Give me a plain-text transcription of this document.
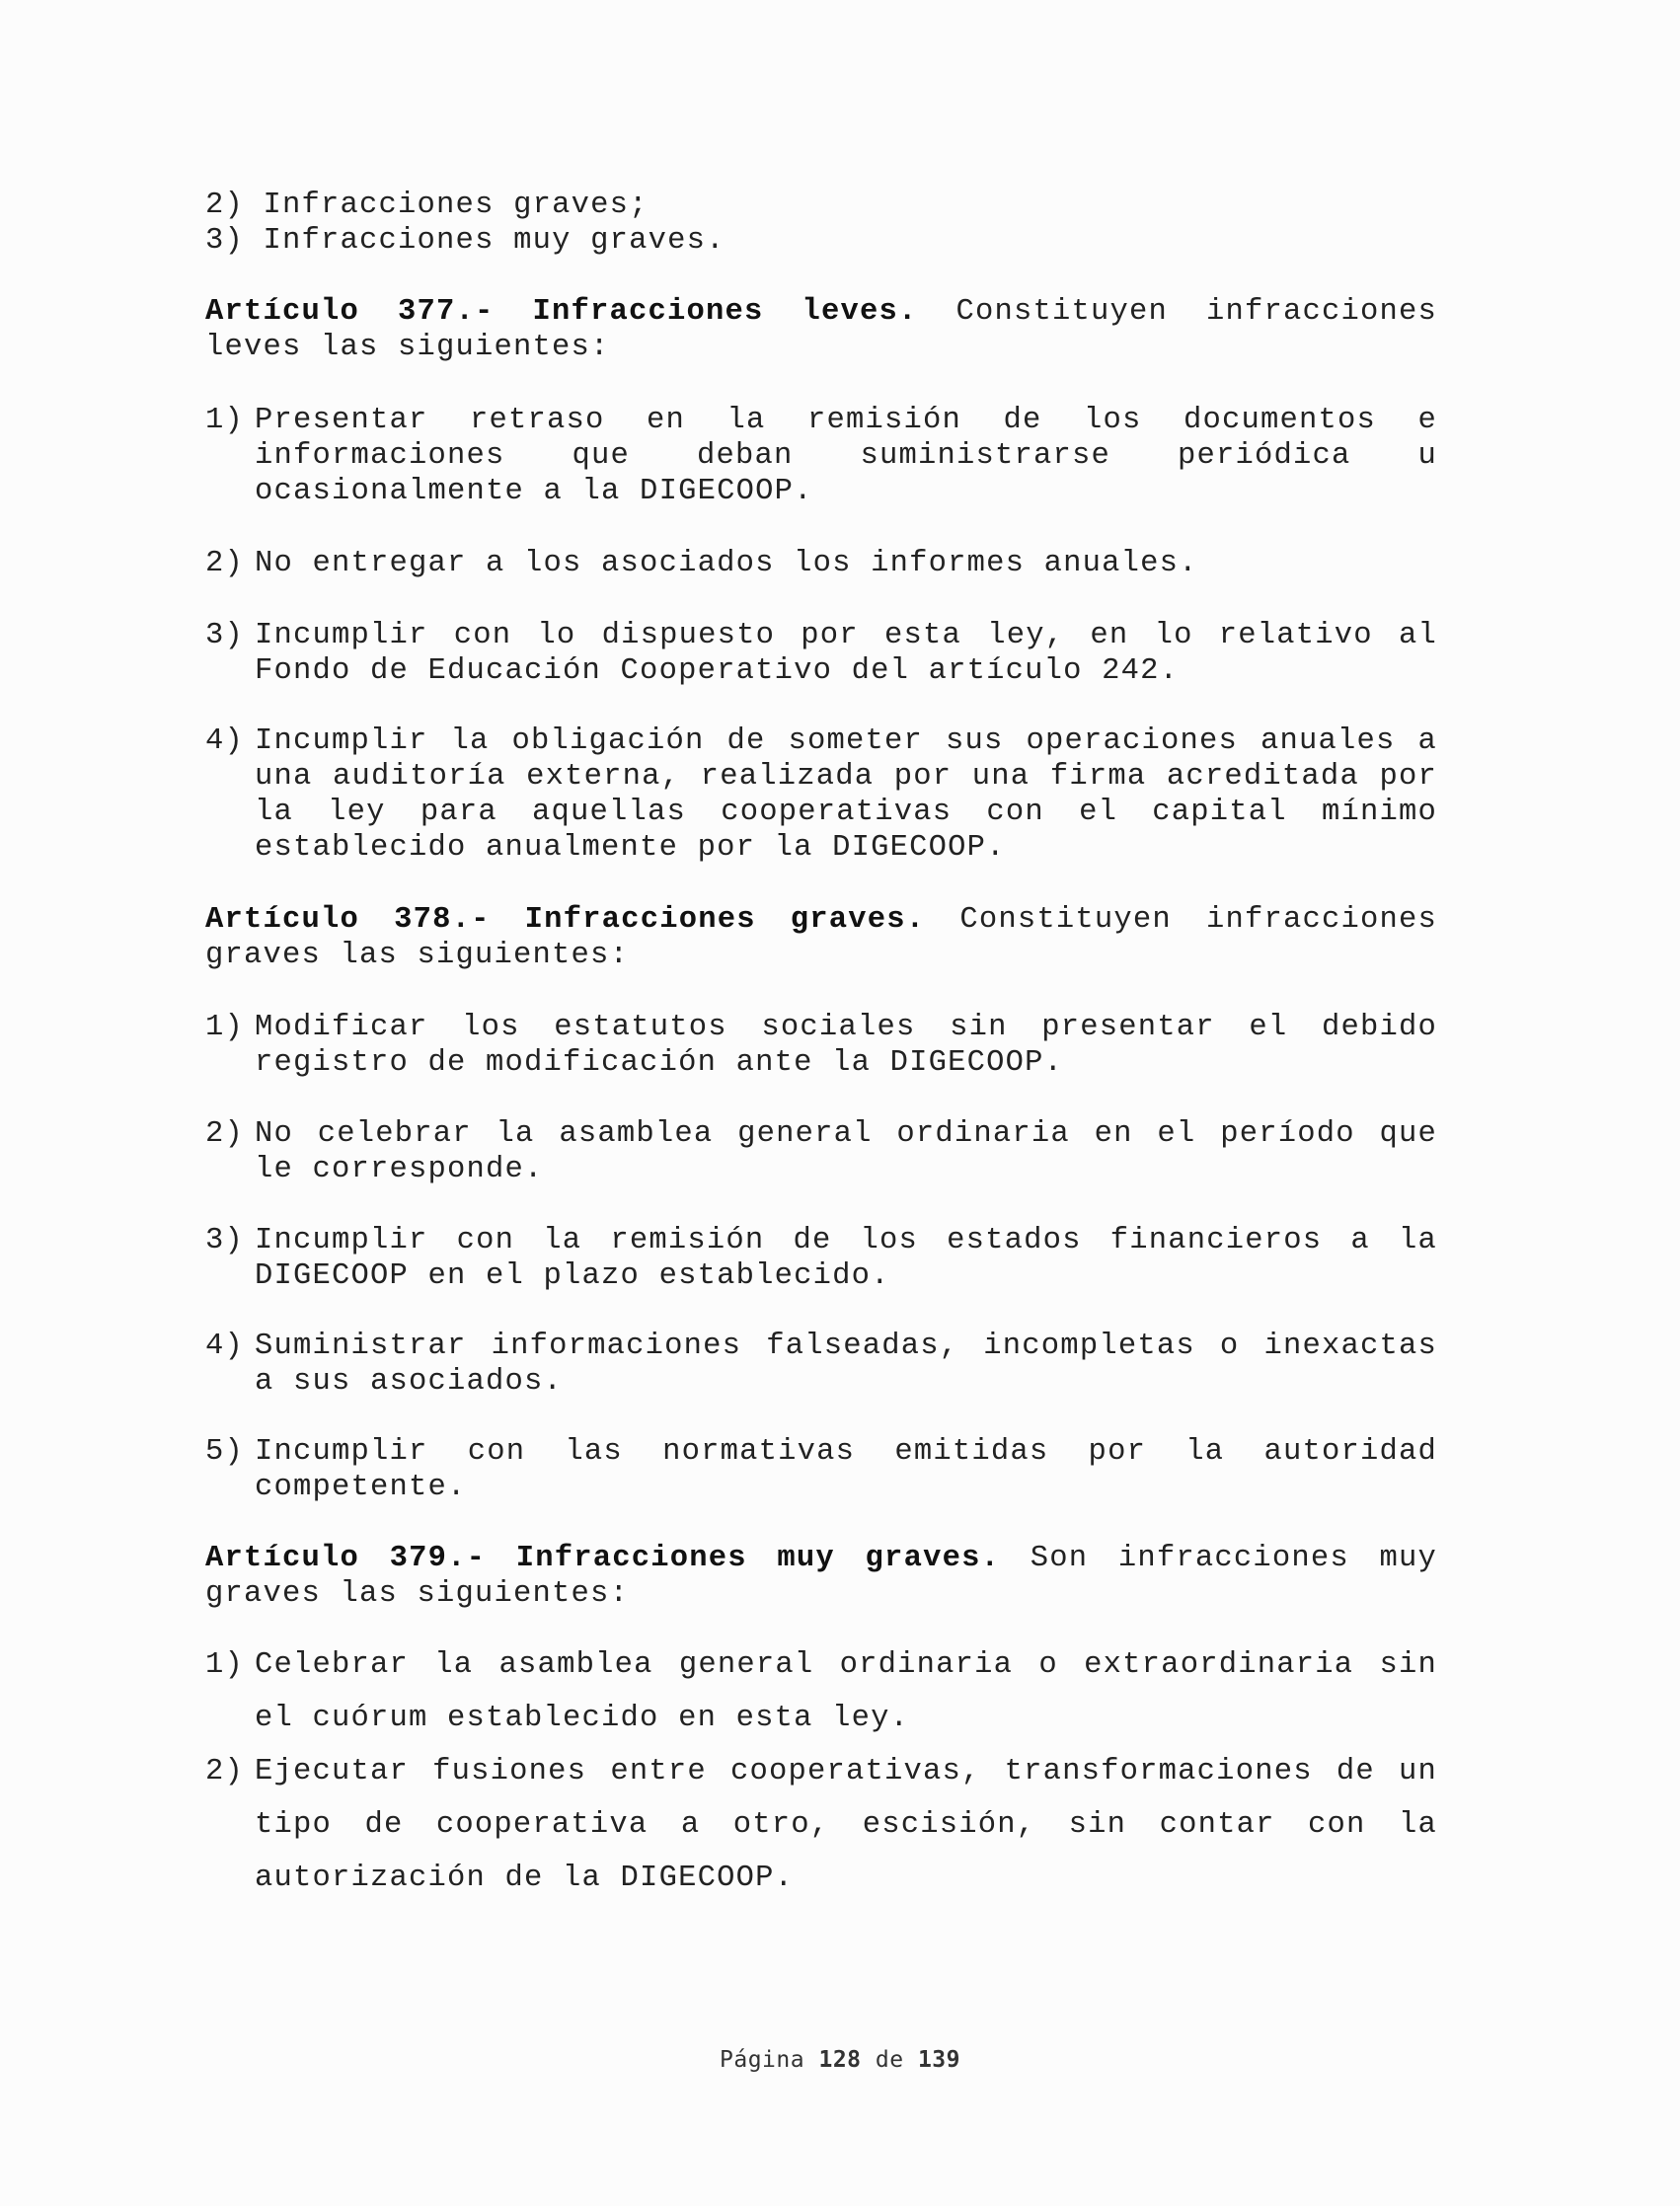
2) Infracciones graves;
3) Infracciones muy graves.
Artículo 377.- Infracciones leves. Constituyen infracciones leves las siguientes:
1) Presentar retraso en la remisión de los documentos e informaciones que deban suministrarse periódica u ocasionalmente a la DIGECOOP.
2) No entregar a los asociados los informes anuales.
3) Incumplir con lo dispuesto por esta ley, en lo relativo al Fondo de Educación Cooperativo del artículo 242.
4) Incumplir la obligación de someter sus operaciones anuales a una auditoría externa, realizada por una firma acreditada por la ley para aquellas cooperativas con el capital mínimo establecido anualmente por la DIGECOOP.
Artículo 378.- Infracciones graves. Constituyen infracciones graves las siguientes:
1) Modificar los estatutos sociales sin presentar el debido registro de modificación ante la DIGECOOP.
2) No celebrar la asamblea general ordinaria en el período que le corresponde.
3) Incumplir con la remisión de los estados financieros a la DIGECOOP en el plazo establecido.
4) Suministrar informaciones falseadas, incompletas o inexactas a sus asociados.
5) Incumplir con las normativas emitidas por la autoridad competente.
Artículo 379.- Infracciones muy graves. Son infracciones muy graves las siguientes:
1) Celebrar la asamblea general ordinaria o extraordinaria sin el cuórum establecido en esta ley.
2) Ejecutar fusiones entre cooperativas, transformaciones de un tipo de cooperativa a otro, escisión, sin contar con la autorización de la DIGECOOP.
Página 128 de 139
